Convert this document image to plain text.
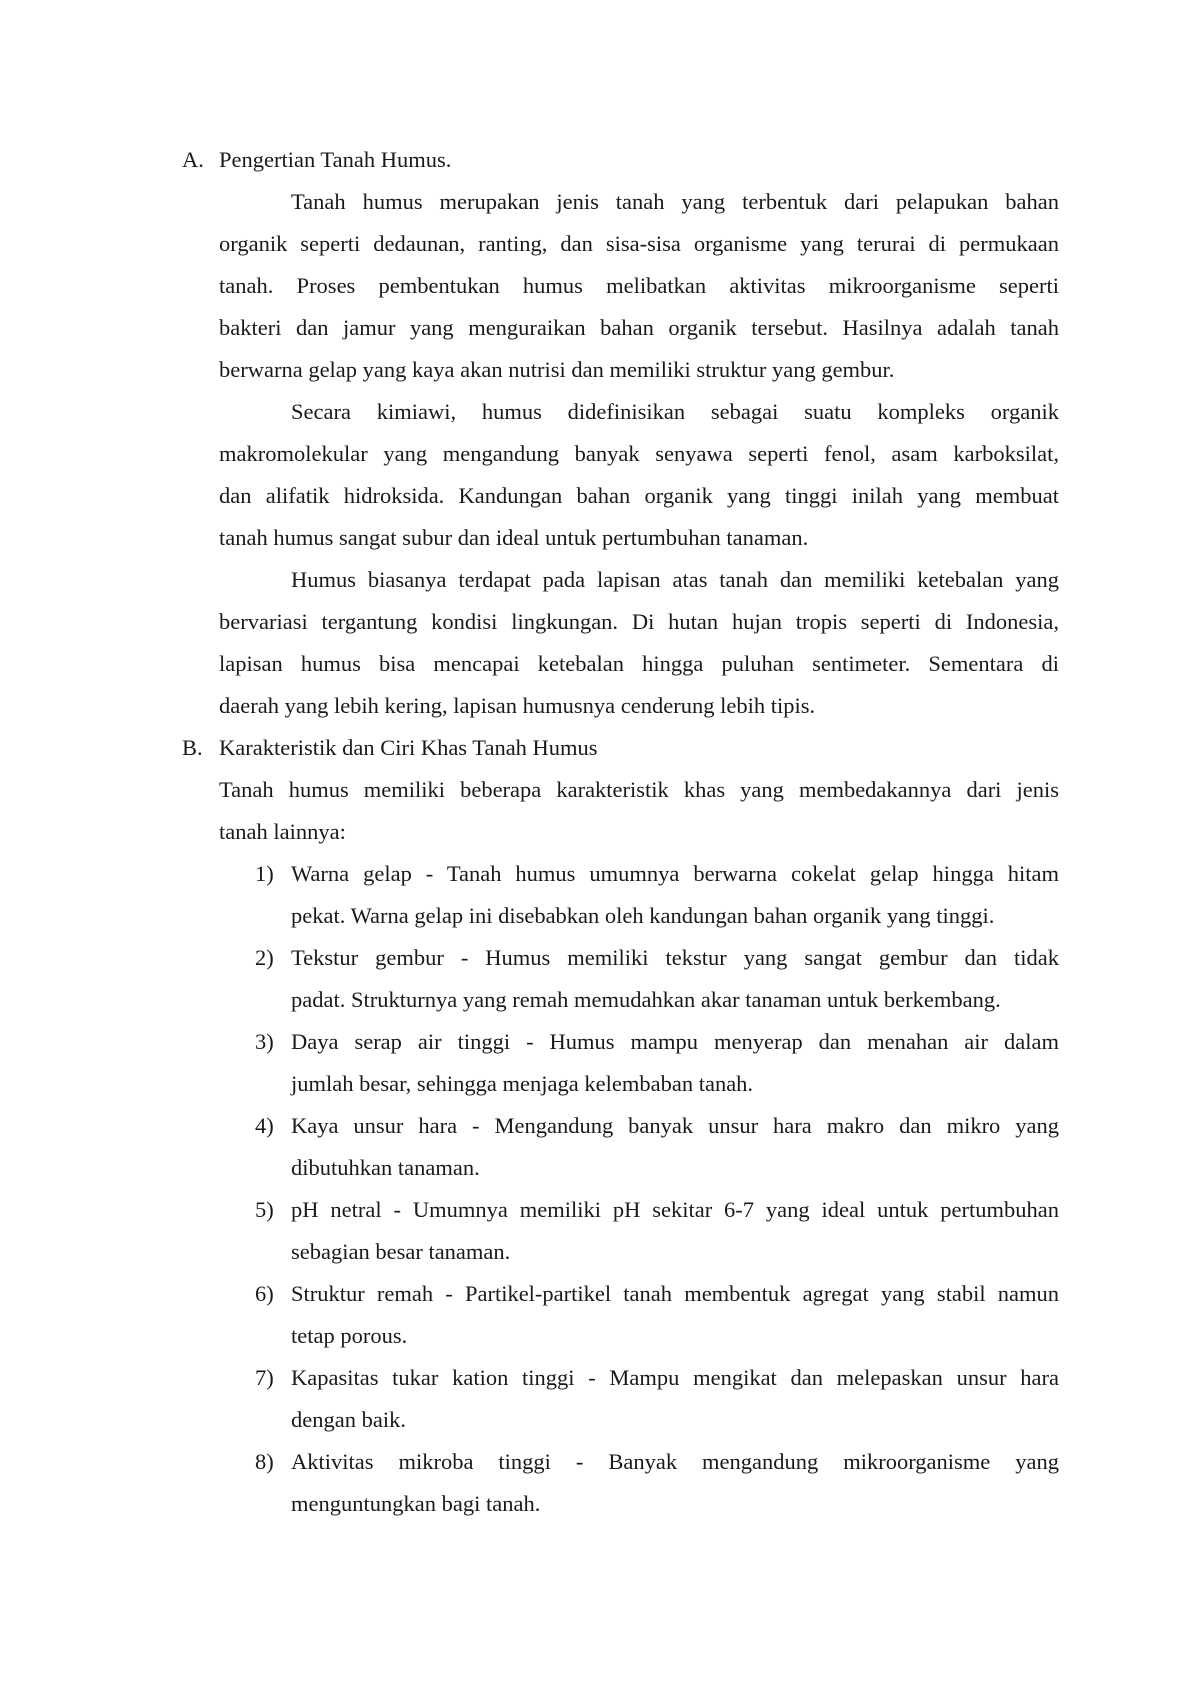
A. Pengertian Tanah Humus.
Tanah humus merupakan jenis tanah yang terbentuk dari pelapukan bahan
organik seperti dedaunan, ranting, dan sisa-sisa organisme yang terurai di permukaan
tanah. Proses pembentukan humus melibatkan aktivitas mikroorganisme seperti
bakteri dan jamur yang menguraikan bahan organik tersebut. Hasilnya adalah tanah
berwarna gelap yang kaya akan nutrisi dan memiliki struktur yang gembur.
Secara kimiawi, humus didefinisikan sebagai suatu kompleks organik
makromolekular yang mengandung banyak senyawa seperti fenol, asam karboksilat,
dan alifatik hidroksida. Kandungan bahan organik yang tinggi inilah yang membuat
tanah humus sangat subur dan ideal untuk pertumbuhan tanaman.
Humus biasanya terdapat pada lapisan atas tanah dan memiliki ketebalan yang
bervariasi tergantung kondisi lingkungan. Di hutan hujan tropis seperti di Indonesia,
lapisan humus bisa mencapai ketebalan hingga puluhan sentimeter. Sementara di
daerah yang lebih kering, lapisan humusnya cenderung lebih tipis.
B. Karakteristik dan Ciri Khas Tanah Humus
Tanah humus memiliki beberapa karakteristik khas yang membedakannya dari jenis
tanah lainnya:
1) Warna gelap - Tanah humus umumnya berwarna cokelat gelap hingga hitam
pekat. Warna gelap ini disebabkan oleh kandungan bahan organik yang tinggi.
2) Tekstur gembur - Humus memiliki tekstur yang sangat gembur dan tidak
padat. Strukturnya yang remah memudahkan akar tanaman untuk berkembang.
3) Daya serap air tinggi - Humus mampu menyerap dan menahan air dalam
jumlah besar, sehingga menjaga kelembaban tanah.
4) Kaya unsur hara - Mengandung banyak unsur hara makro dan mikro yang
dibutuhkan tanaman.
5) pH netral - Umumnya memiliki pH sekitar 6-7 yang ideal untuk pertumbuhan
sebagian besar tanaman.
6) Struktur remah - Partikel-partikel tanah membentuk agregat yang stabil namun
tetap porous.
7) Kapasitas tukar kation tinggi - Mampu mengikat dan melepaskan unsur hara
dengan baik.
8) Aktivitas mikroba tinggi - Banyak mengandung mikroorganisme yang
menguntungkan bagi tanah.
